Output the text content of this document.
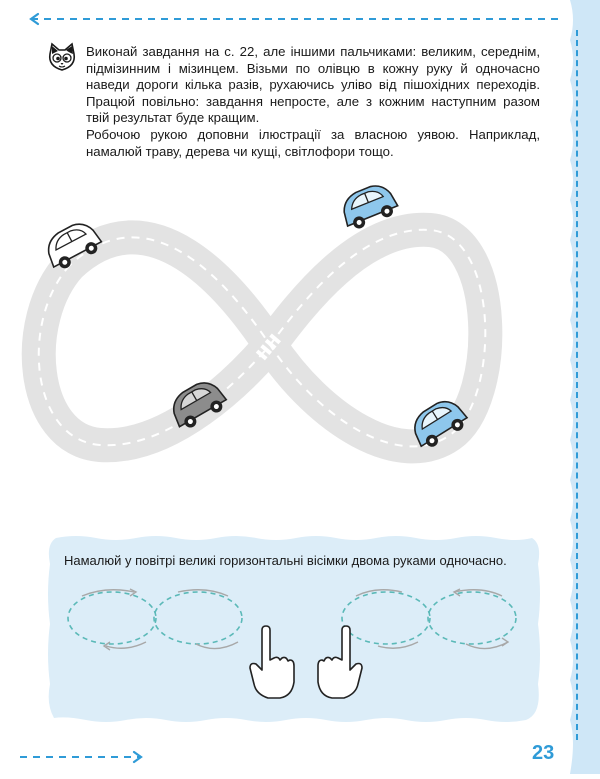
Виконай завдання на с. 22, але іншими пальчиками: великим, середнім, підмізинним і мізинцем. Візьми по олівцю в кожну руку й одночасно наведи дороги кілька разів, рухаючись уліво від пішохідних переходів. Працюй повільно: завдання непросте, але з кожним наступним разом твій результат буде кращим.

Робочою рукою доповни ілюстрації за власною уявою. Наприклад, намалюй траву, дерева чи кущі, світлофори тощо.

Намалюй у повітрі великі горизонтальні вісімки двома руками одночасно.
23
